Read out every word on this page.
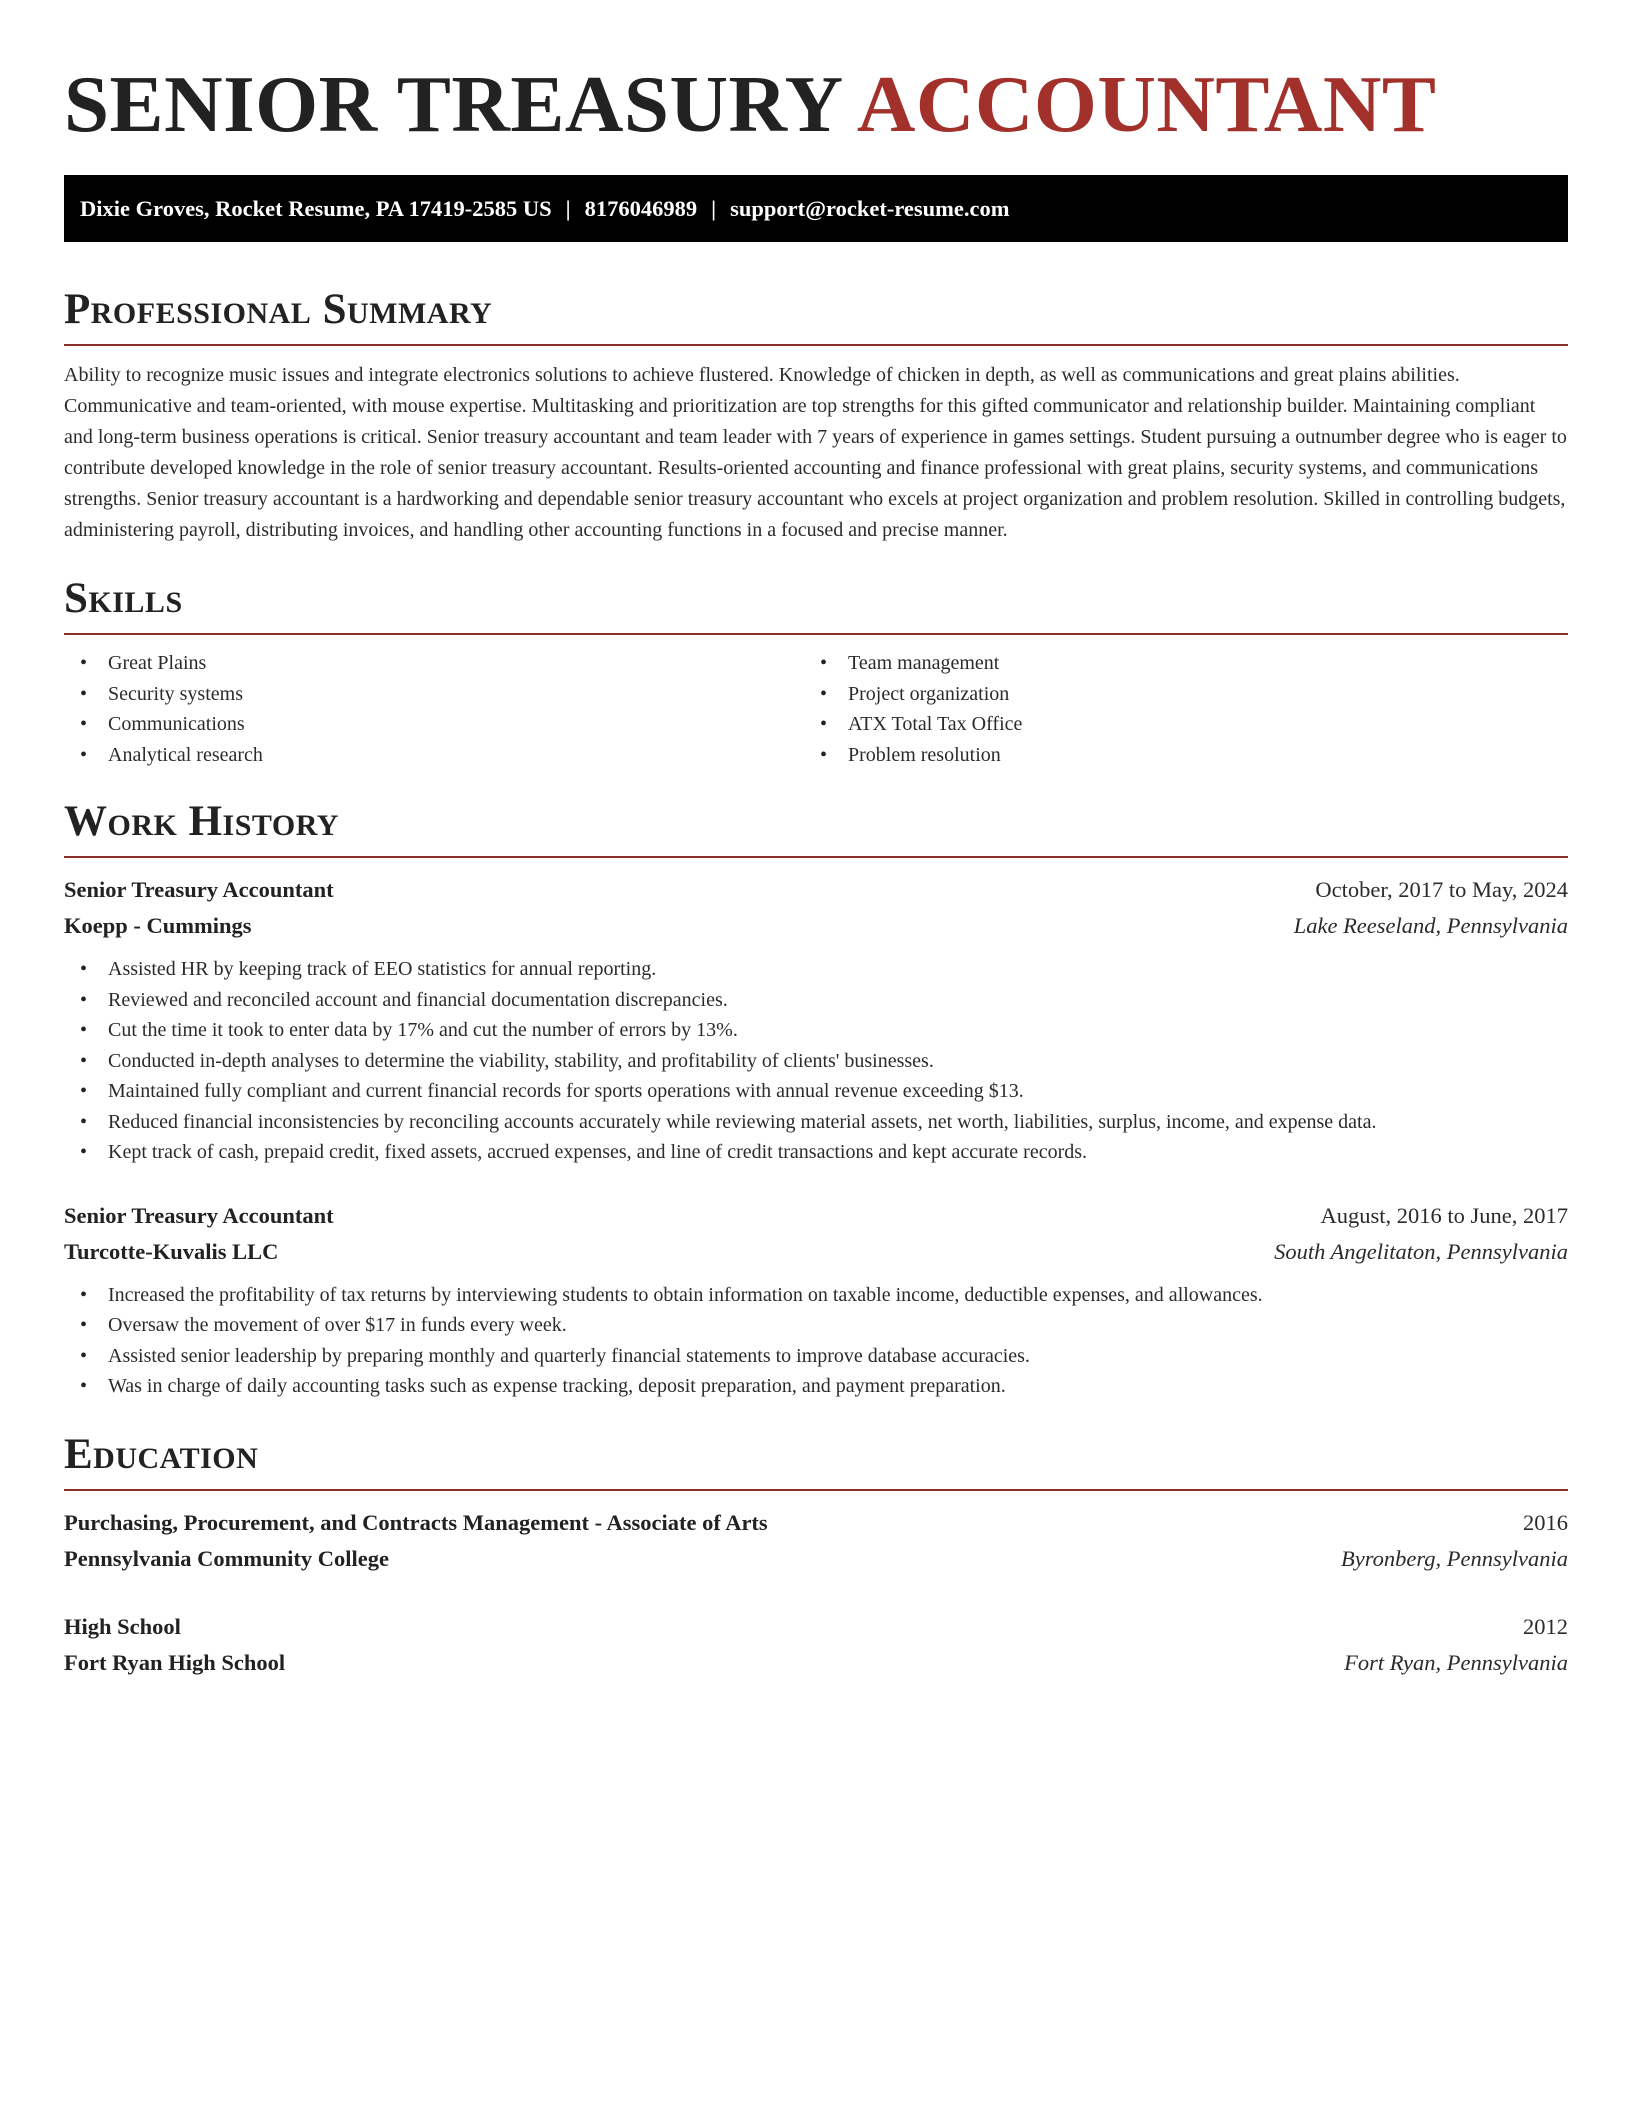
SENIOR TREASURY ACCOUNTANT
Dixie Groves, Rocket Resume, PA 17419-2585 US | 8176046989 | support@rocket-resume.com
Professional Summary

Ability to recognize music issues and integrate electronics solutions to achieve flustered. Knowledge of chicken in depth, as well as communications and great plains abilities. Communicative and team-oriented, with mouse expertise. Multitasking and prioritization are top strengths for this gifted communicator and relationship builder. Maintaining compliant and long-term business operations is critical. Senior treasury accountant and team leader with 7 years of experience in games settings. Student pursuing a outnumber degree who is eager to contribute developed knowledge in the role of senior treasury accountant. Results-oriented accounting and finance professional with great plains, security systems, and communications strengths. Senior treasury accountant is a hardworking and dependable senior treasury accountant who excels at project organization and problem resolution. Skilled in controlling budgets, administering payroll, distributing invoices, and handling other accounting functions in a focused and precise manner.

Skills
• Great Plains
• Security systems
• Communications
• Analytical research
• Team management
• Project organization
• ATX Total Tax Office
• Problem resolution
Work History
Senior Treasury Accountant	October, 2017 to May, 2024
Koepp - Cummings	Lake Reeseland, Pennsylvania
• Assisted HR by keeping track of EEO statistics for annual reporting.
• Reviewed and reconciled account and financial documentation discrepancies.
• Cut the time it took to enter data by 17% and cut the number of errors by 13%.
• Conducted in-depth analyses to determine the viability, stability, and profitability of clients' businesses.
• Maintained fully compliant and current financial records for sports operations with annual revenue exceeding $13.
• Reduced financial inconsistencies by reconciling accounts accurately while reviewing material assets, net worth, liabilities, surplus, income, and expense data.
• Kept track of cash, prepaid credit, fixed assets, accrued expenses, and line of credit transactions and kept accurate records.
Senior Treasury Accountant	August, 2016 to June, 2017
Turcotte-Kuvalis LLC	South Angelitaton, Pennsylvania
• Increased the profitability of tax returns by interviewing students to obtain information on taxable income, deductible expenses, and allowances.
• Oversaw the movement of over $17 in funds every week.
• Assisted senior leadership by preparing monthly and quarterly financial statements to improve database accuracies.
• Was in charge of daily accounting tasks such as expense tracking, deposit preparation, and payment preparation.
Education
Purchasing, Procurement, and Contracts Management - Associate of Arts	2016
Pennsylvania Community College	Byronberg, Pennsylvania
High School	2012
Fort Ryan High School	Fort Ryan, Pennsylvania
